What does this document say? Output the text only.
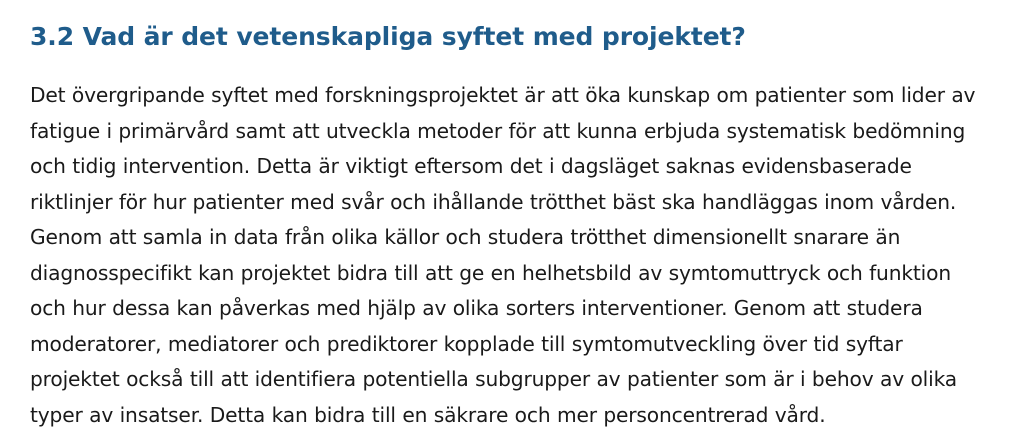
3.2 Vad är det vetenskapliga syftet med projektet?

Det övergripande syftet med forskningsprojektet är att öka kunskap om patienter som lider av fatigue i primärvård samt att utveckla metoder för att kunna erbjuda systematisk bedömning och tidig intervention. Detta är viktigt eftersom det i dagsläget saknas evidensbaserade riktlinjer för hur patienter med svår och ihållande trötthet bäst ska handläggas inom vården. Genom att samla in data från olika källor och studera trötthet dimensionellt snarare än diagnosspecifikt kan projektet bidra till att ge en helhetsbild av symtomuttryck och funktion och hur dessa kan påverkas med hjälp av olika sorters interventioner. Genom att studera moderatorer, mediatorer och prediktorer kopplade till symtomutveckling över tid syftar projektet också till att identifiera potentiella subgrupper av patienter som är i behov av olika typer av insatser. Detta kan bidra till en säkrare och mer personcentrerad vård.
